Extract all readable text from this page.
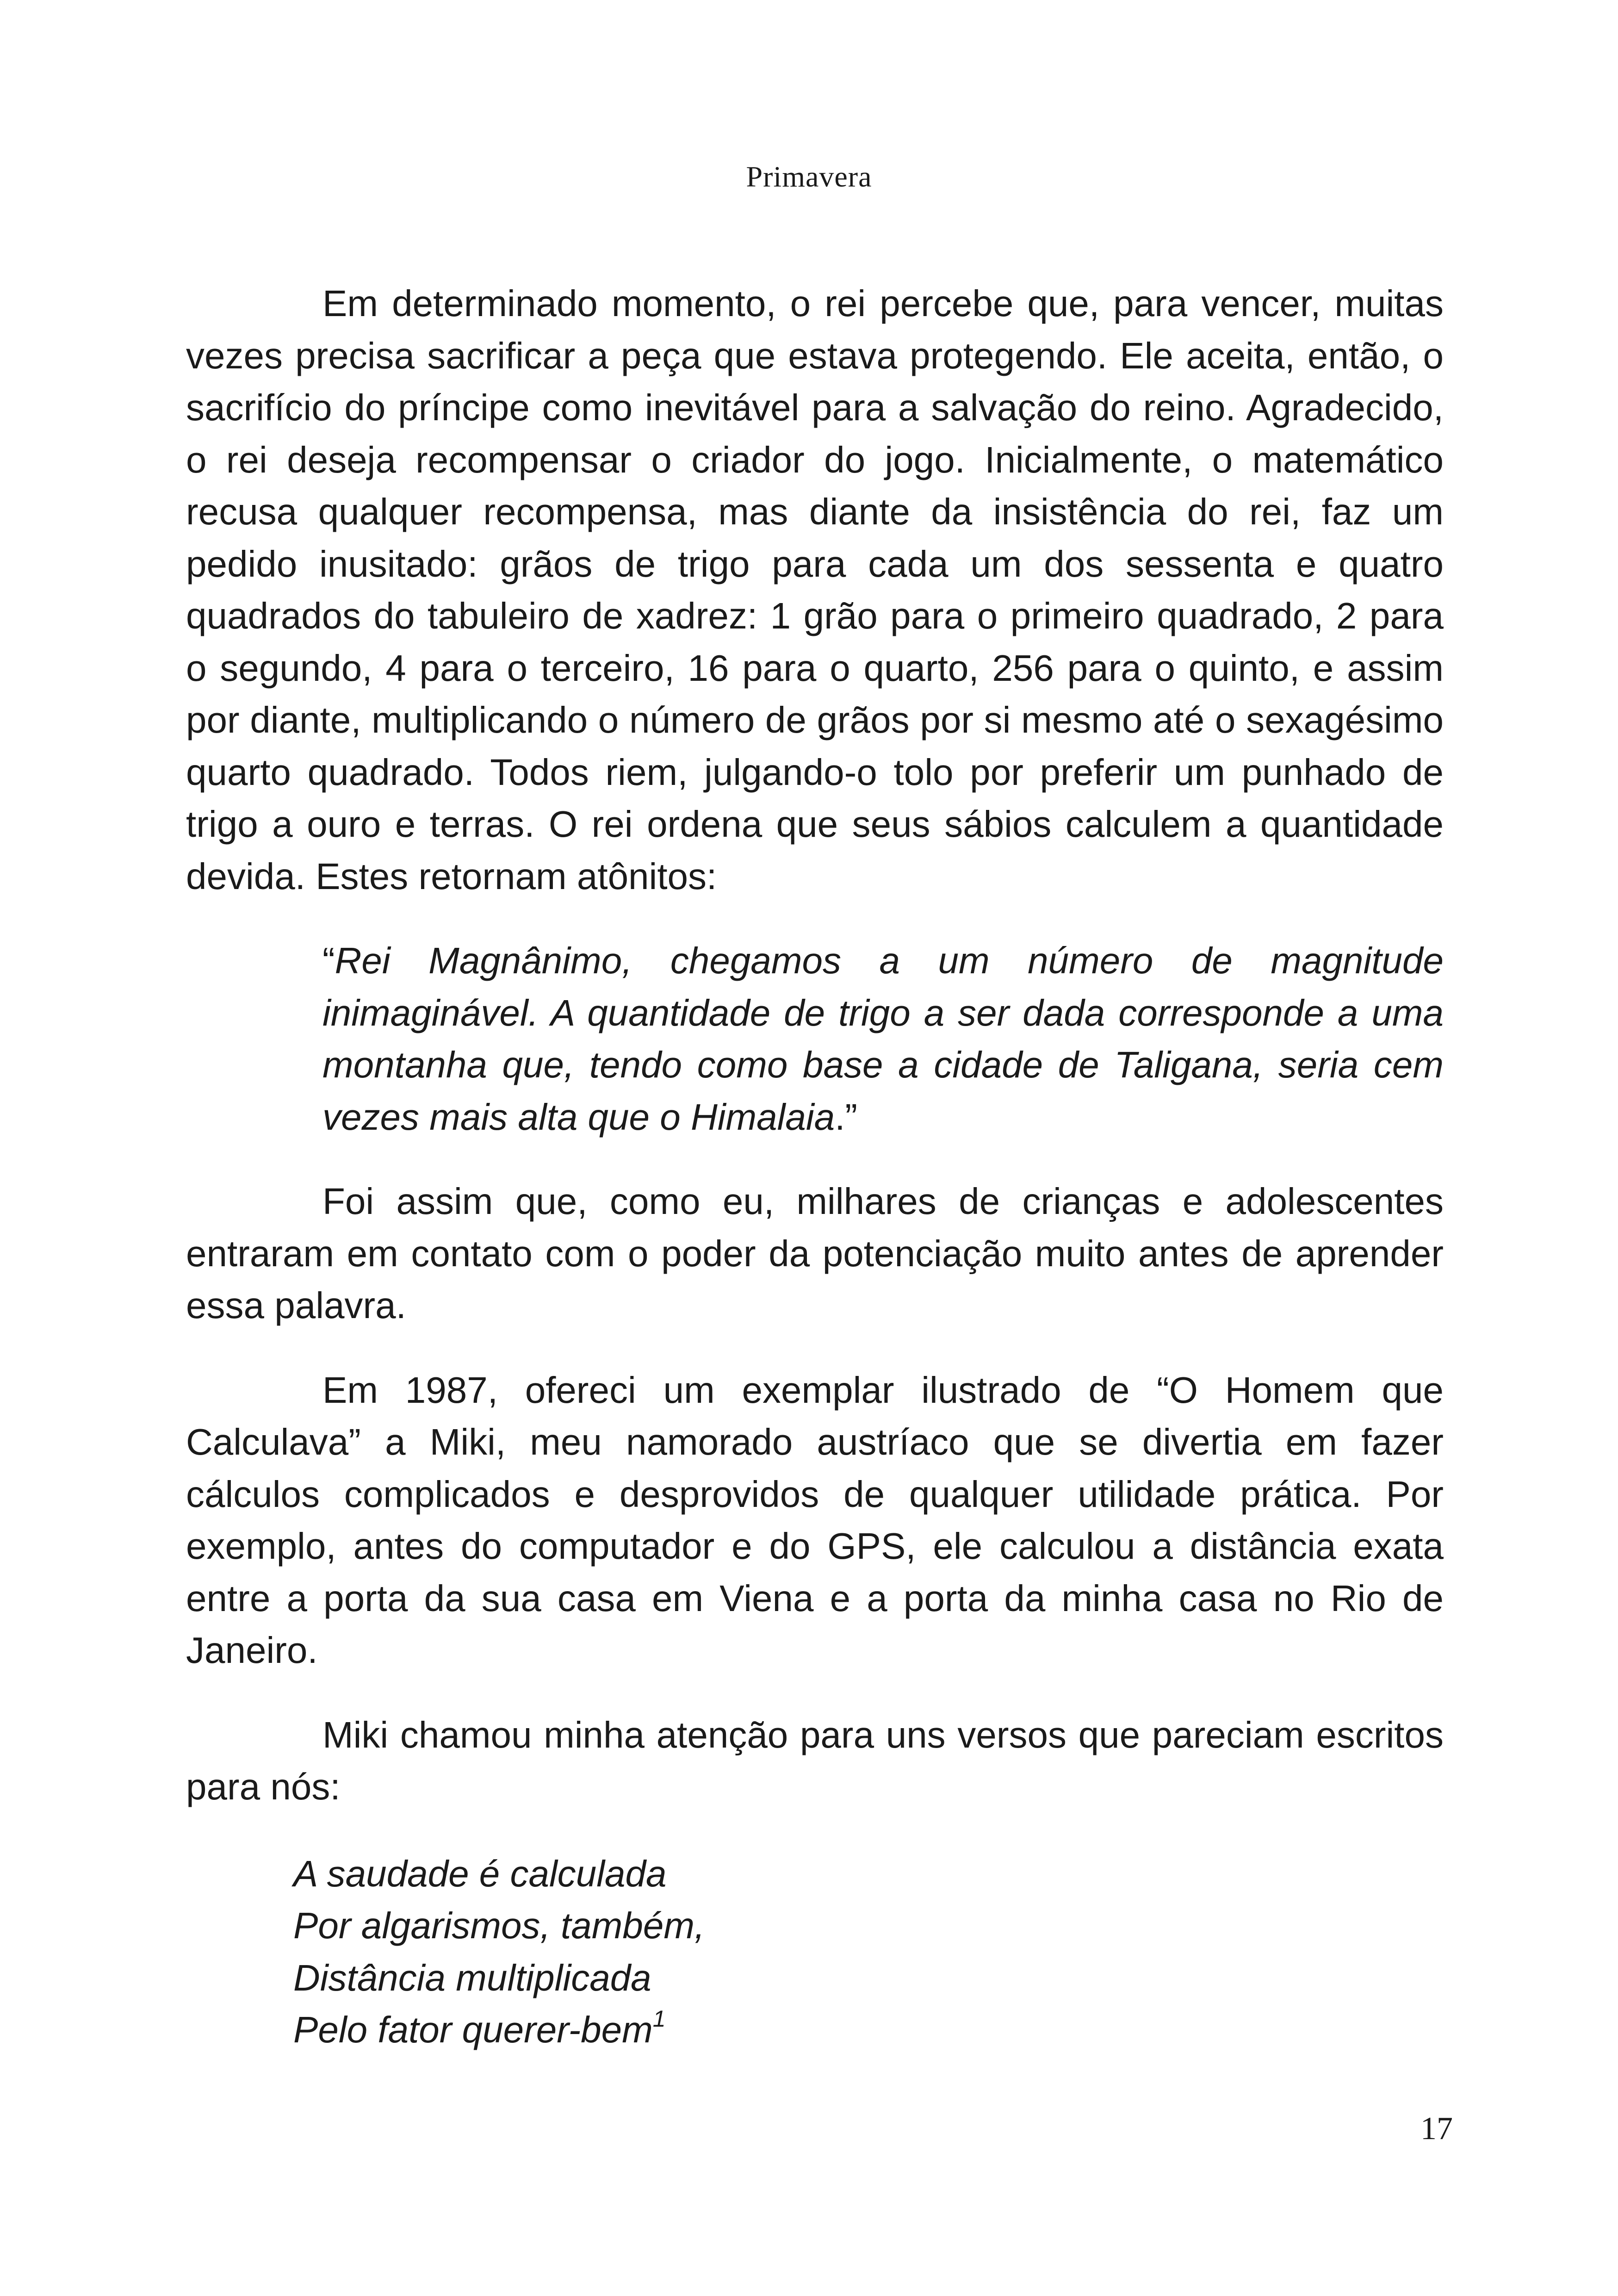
Primavera

Em determinado momento, o rei percebe que, para vencer, muitas vezes precisa sacrificar a peça que estava protegendo. Ele aceita, então, o sacrifício do príncipe como inevitável para a salvação do reino. Agradecido, o rei deseja recompensar o criador do jogo. Inicialmente, o matemático recusa qualquer recompensa, mas diante da insistência do rei, faz um pedido inusitado: grãos de trigo para cada um dos sessenta e quatro quadrados do tabuleiro de xadrez: 1 grão para o primeiro quadrado, 2 para o segundo, 4 para o terceiro, 16 para o quarto, 256 para o quinto, e assim por diante, multiplicando o número de grãos por si mesmo até o sexagésimo quarto quadrado. Todos riem, julgando-o tolo por preferir um punhado de trigo a ouro e terras. O rei ordena que seus sábios calculem a quantidade devida. Estes retornam atônitos:

“Rei Magnânimo, chegamos a um número de magnitude inimaginável. A quantidade de trigo a ser dada corresponde a uma montanha que, tendo como base a cidade de Taligana, seria cem vezes mais alta que o Himalaia.”

Foi assim que, como eu, milhares de crianças e adolescentes entraram em contato com o poder da potenciação muito antes de aprender essa palavra.

Em 1987, ofereci um exemplar ilustrado de “O Homem que Calculava” a Miki, meu namorado austríaco que se divertia em fazer cálculos complicados e desprovidos de qualquer utilidade prática. Por exemplo, antes do computador e do GPS, ele calculou a distância exata entre a porta da sua casa em Viena e a porta da minha casa no Rio de Janeiro.

Miki chamou minha atenção para uns versos que pareciam escritos para nós:

A saudade é calculada
Por algarismos, também,
Distância multiplicada
Pelo fator querer-bem$^1$
17
